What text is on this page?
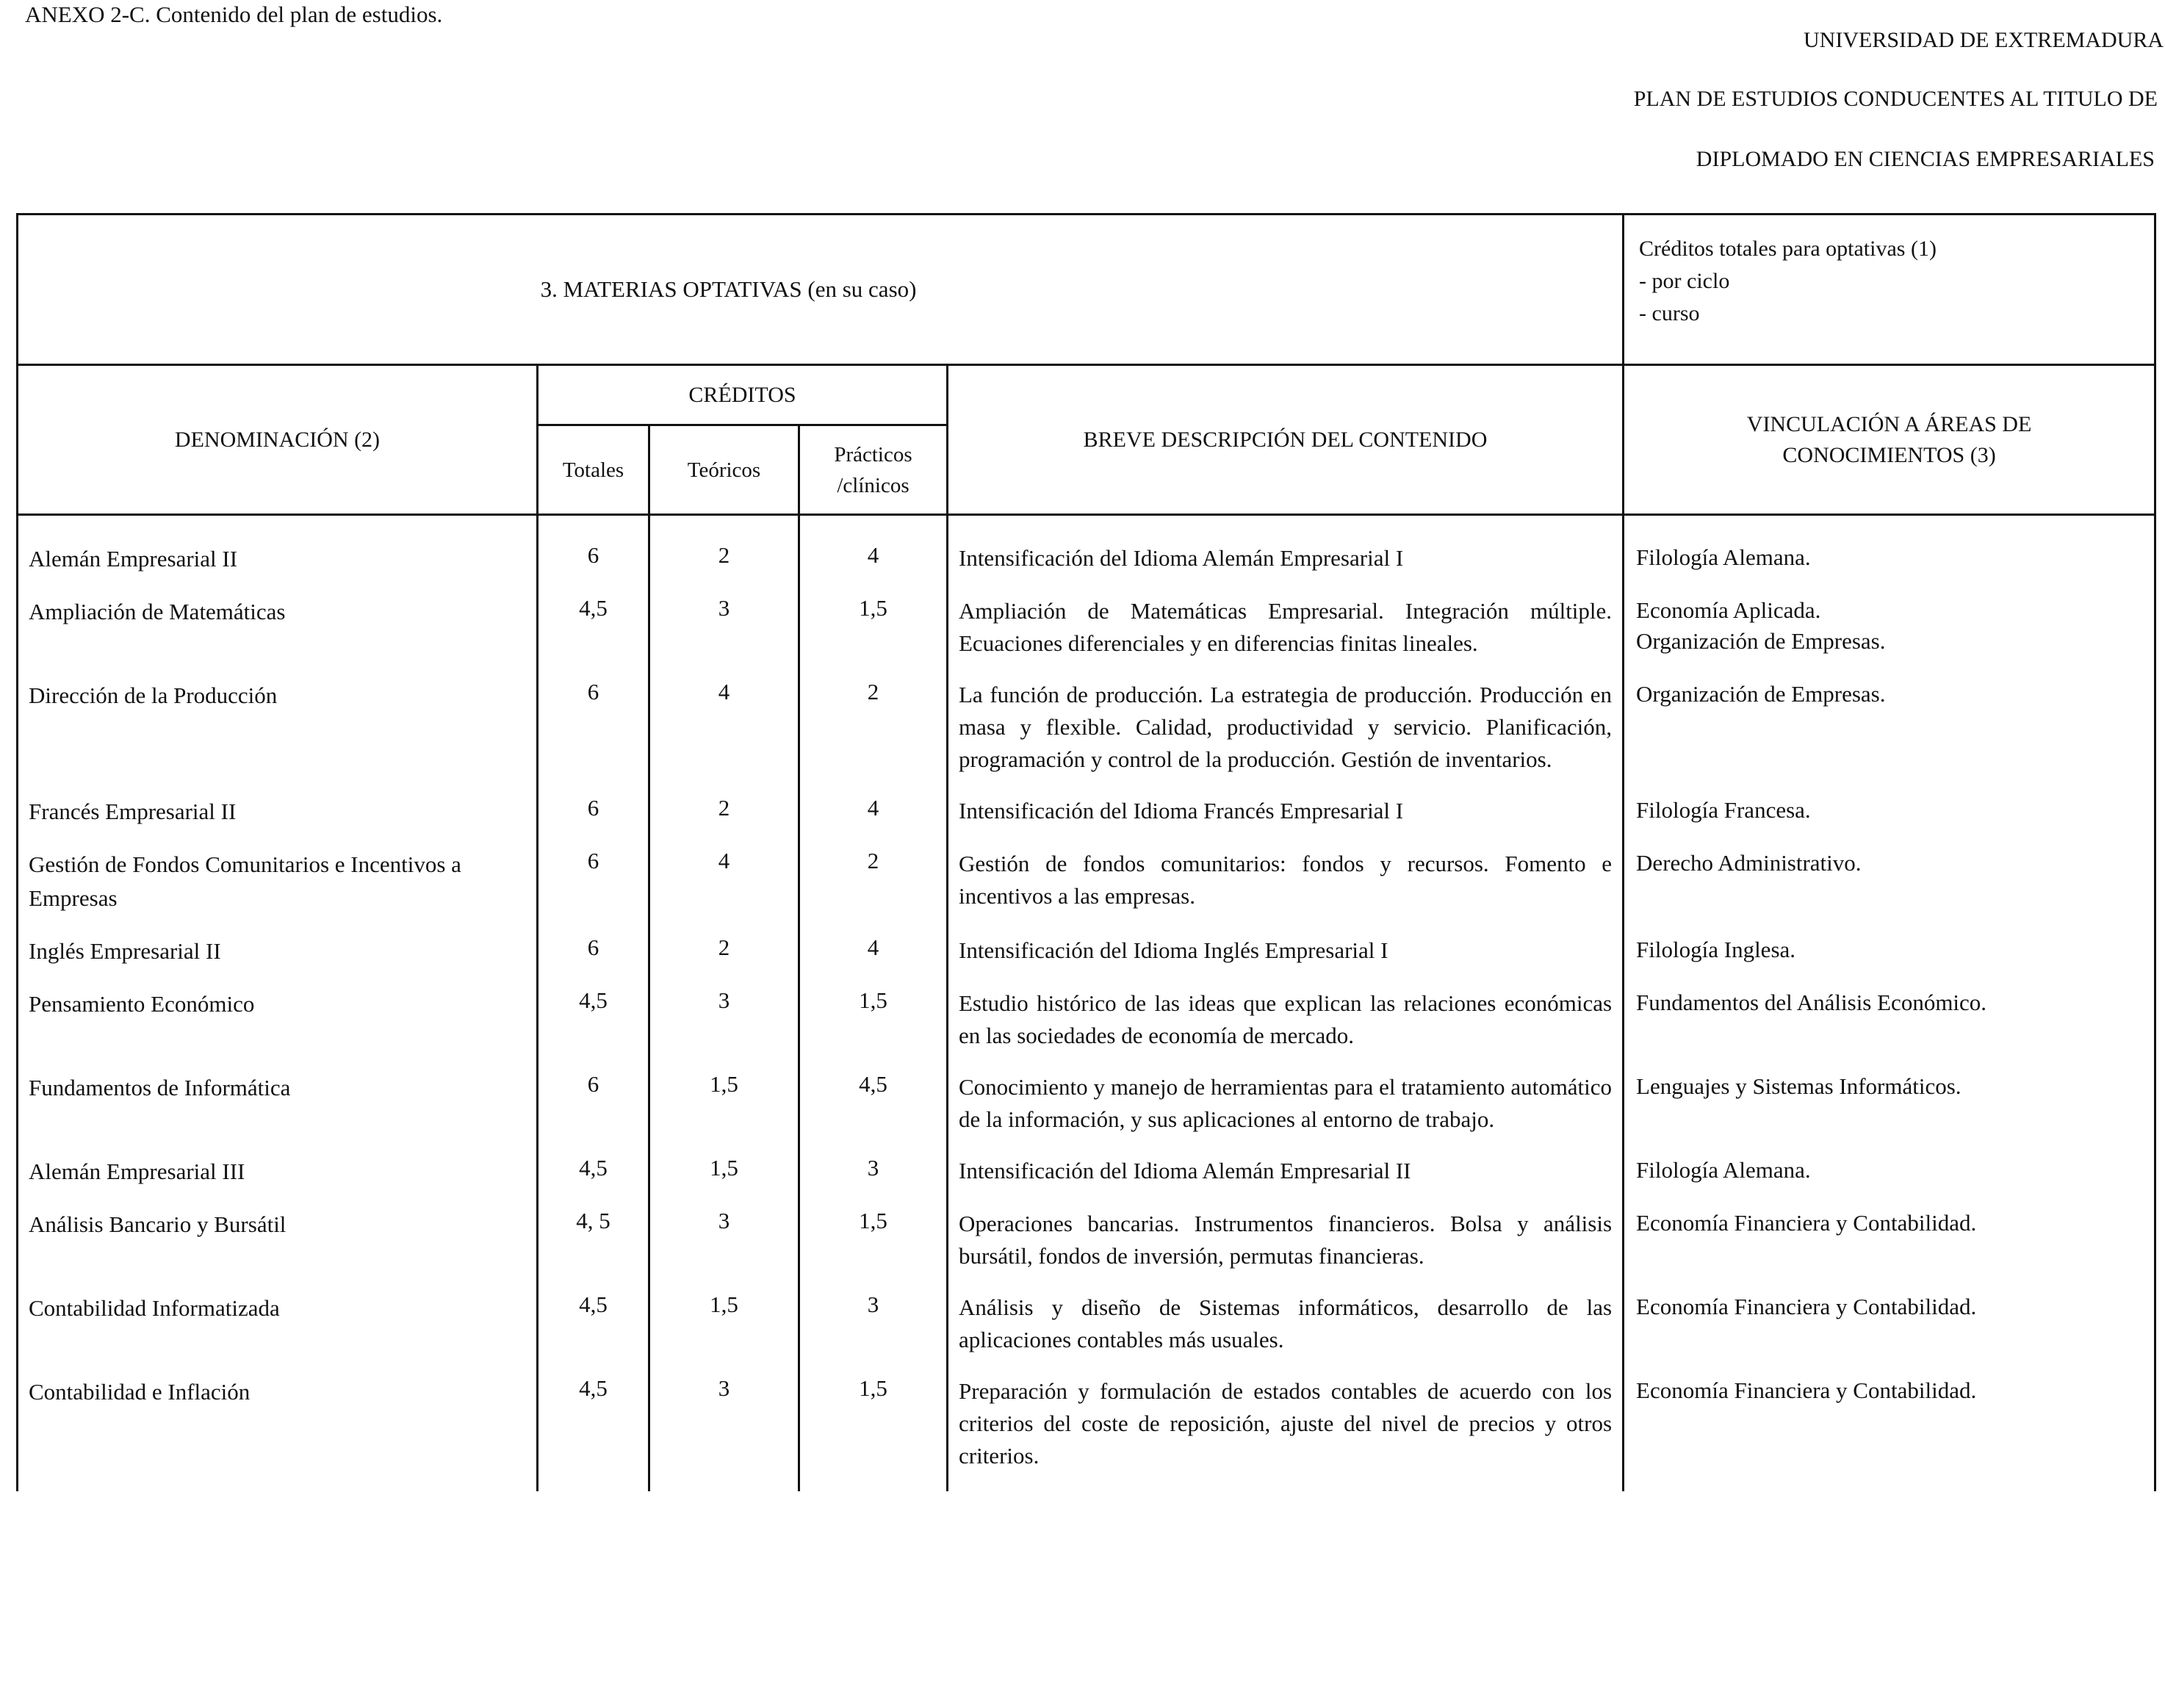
ANEXO 2-C. Contenido del plan de estudios.
UNIVERSIDAD DE EXTREMADURA
PLAN DE ESTUDIOS CONDUCENTES AL TITULO DE
DIPLOMADO EN CIENCIAS EMPRESARIALES
3. MATERIAS OPTATIVAS (en su caso)					Créditos totales para optativas (1)
- por ciclo
- curso

DENOMINACIÓN (2)	CRÉDITOS			BREVE DESCRIPCIÓN DEL CONTENIDO	VINCULACIÓN A ÁREAS DE
CONOCIMIENTOS (3)

	Totales	Teóricos	Prácticos
/clínicos		

Alemán Empresarial II	6	2	4	Intensificación del Idioma Alemán Empresarial I	Filología Alemana.

Ampliación de Matemáticas	4,5	3	1,5	Ampliación de Matemáticas Empresarial. Integración múltiple. Ecuaciones diferenciales y en diferencias finitas lineales.	Economía Aplicada.
Organización de Empresas.

Dirección de la Producción	6	4	2	La función de producción. La estrategia de producción. Producción en masa y flexible. Calidad, productividad y servicio. Planificación, programación y control de la producción. Gestión de inventarios.	Organización de Empresas.

Francés Empresarial II	6	2	4	Intensificación del Idioma Francés Empresarial I	Filología Francesa.

Gestión de Fondos Comunitarios e Incentivos a Empresas	6	4	2	Gestión de fondos comunitarios: fondos y recursos. Fomento e incentivos a las empresas.	Derecho Administrativo.

Inglés Empresarial II	6	2	4	Intensificación del Idioma Inglés Empresarial I	Filología Inglesa.

Pensamiento Económico	4,5	3	1,5	Estudio histórico de las ideas que explican las relaciones económicas en las sociedades de economía de mercado.	Fundamentos del Análisis Económico.

Fundamentos de Informática	6	1,5	4,5	Conocimiento y manejo de herramientas para el tratamiento automático de la información, y sus aplicaciones al entorno de trabajo.	Lenguajes y Sistemas Informáticos.

Alemán Empresarial III	4,5	1,5	3	Intensificación del Idioma Alemán Empresarial II	Filología Alemana.

Análisis Bancario y Bursátil	4, 5	3	1,5	Operaciones bancarias. Instrumentos financieros. Bolsa y análisis bursátil, fondos de inversión, permutas financieras.	Economía Financiera y Contabilidad.

Contabilidad Informatizada	4,5	1,5	3	Análisis y diseño de Sistemas informáticos, desarrollo de las aplicaciones contables más usuales.	Economía Financiera y Contabilidad.

Contabilidad e Inflación	4,5	3	1,5	Preparación y formulación de estados contables de acuerdo con los criterios del coste de reposición, ajuste del nivel de precios y otros criterios.	Economía Financiera y Contabilidad.
